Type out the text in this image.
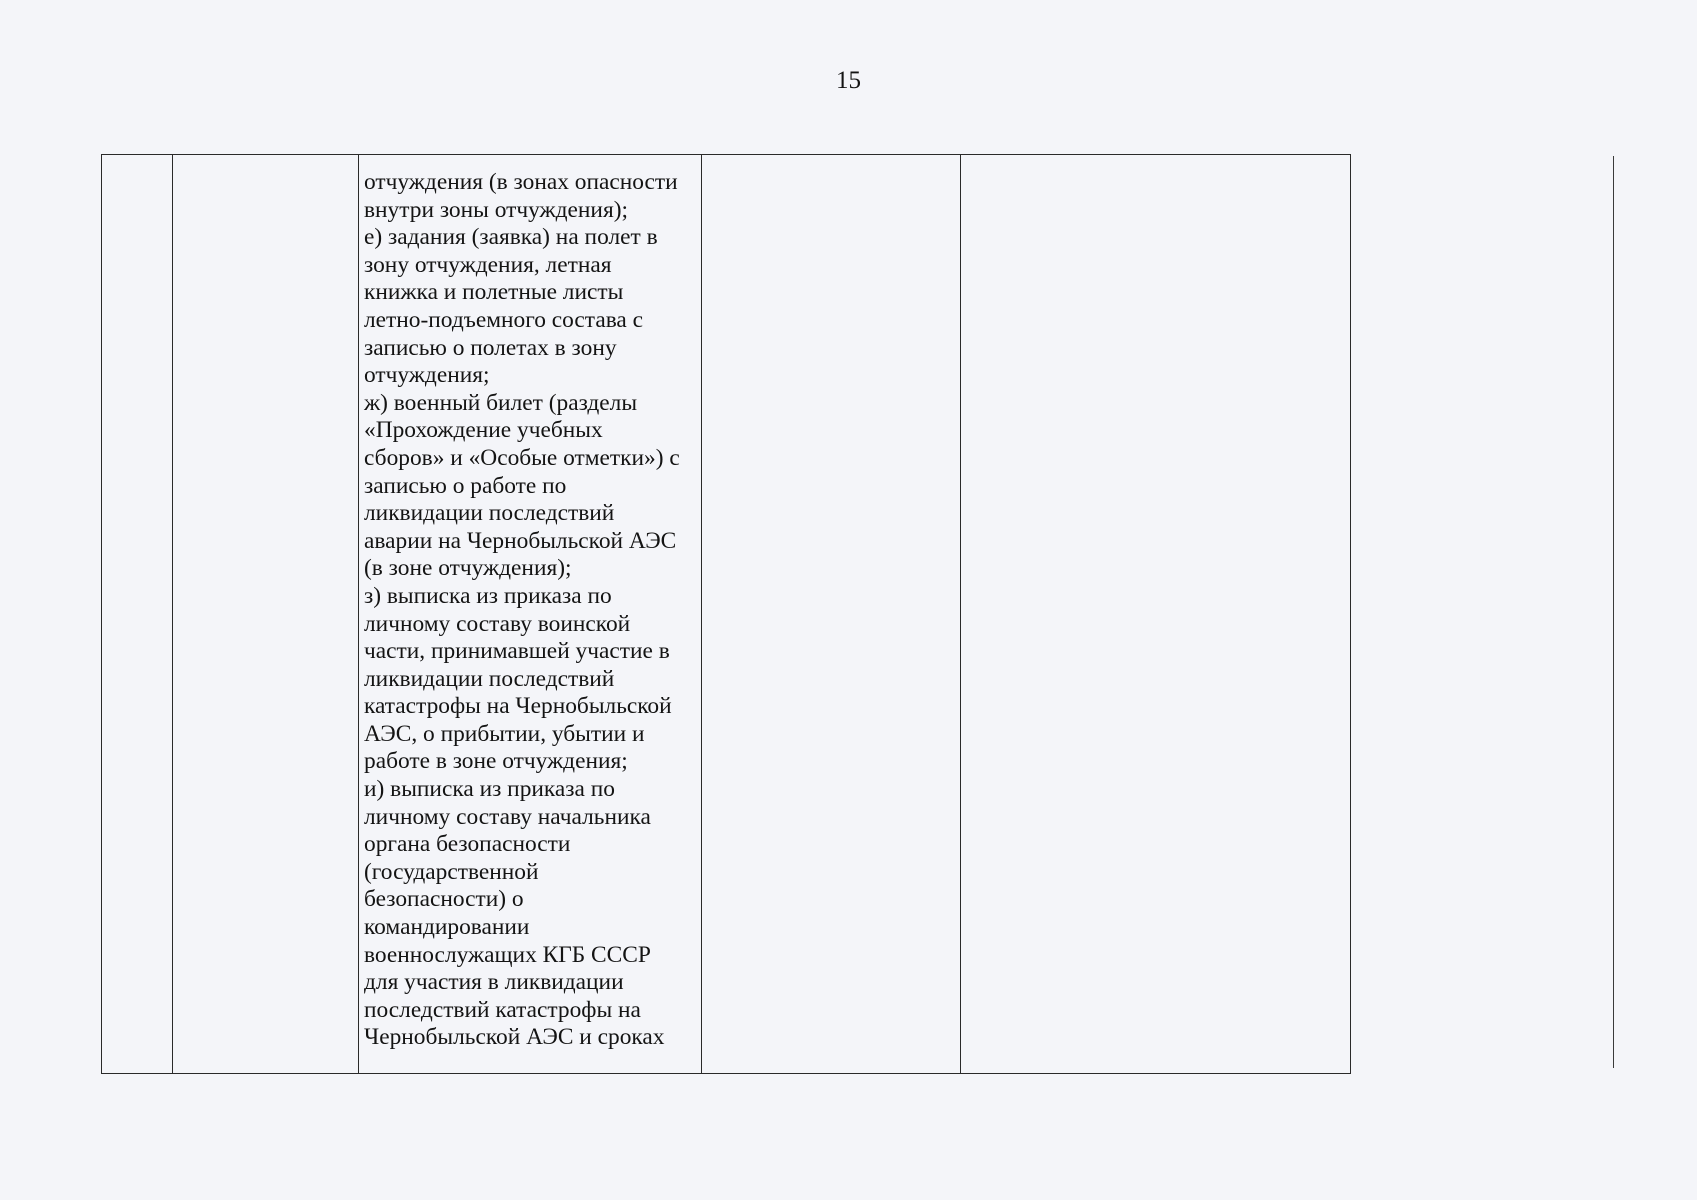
15

отчуждения (в зонах опасности
внутри зоны отчуждения);
е) задания (заявка) на полет в
зону отчуждения, летная
книжка и полетные листы
летно-подъемного состава с
записью о полетах в зону
отчуждения;
ж) военный билет (разделы
«Прохождение учебных
сборов» и «Особые отметки») с
записью о работе по
ликвидации последствий
аварии на Чернобыльской АЭС
(в зоне отчуждения);
з) выписка из приказа по
личному составу воинской
части, принимавшей участие в
ликвидации последствий
катастрофы на Чернобыльской
АЭС, о прибытии, убытии и
работе в зоне отчуждения;
и) выписка из приказа по
личному составу начальника
органа безопасности
(государственной
безопасности) о
командировании
военнослужащих КГБ СССР
для участия в ликвидации
последствий катастрофы на
Чернобыльской АЭС и сроках
